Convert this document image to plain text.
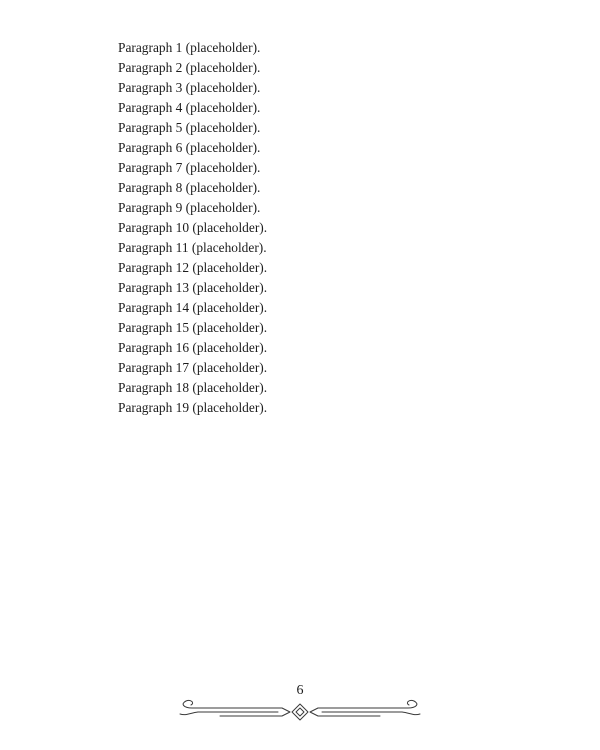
Paragraph 1 (placeholder).

Paragraph 2 (placeholder).

Paragraph 3 (placeholder).

Paragraph 4 (placeholder).

Paragraph 5 (placeholder).

Paragraph 6 (placeholder).

Paragraph 7 (placeholder).

Paragraph 8 (placeholder).

Paragraph 9 (placeholder).

Paragraph 10 (placeholder).

Paragraph 11 (placeholder).

Paragraph 12 (placeholder).

Paragraph 13 (placeholder).

Paragraph 14 (placeholder).

Paragraph 15 (placeholder).

Paragraph 16 (placeholder).

Paragraph 17 (placeholder).

Paragraph 18 (placeholder).

Paragraph 19 (placeholder).

6
